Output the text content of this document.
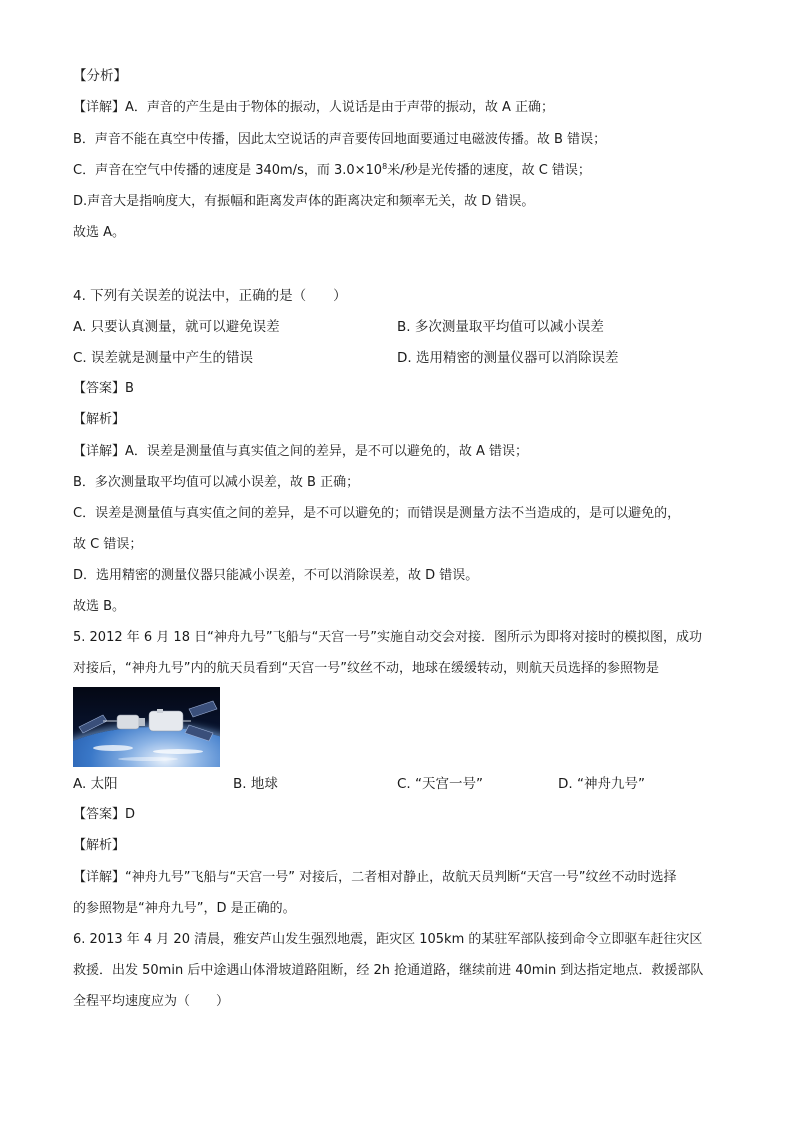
【分析】
【详解】A．声音的产生是由于物体的振动，人说话是由于声带的振动，故 A 正确；
B．声音不能在真空中传播，因此太空说话的声音要传回地面要通过电磁波传播。故 B 错误；
C．声音在空气中传播的速度是 340m/s，而 $3.0\times 10^8$米/秒是光传播的速度，故 C 错误；
D.声音大是指响度大，有振幅和距离发声体的距离决定和频率无关，故 D 错误。
故选 A。
4. 下列有关误差的说法中，正确的是（　　）
A. 只要认真测量，就可以避免误差	B. 多次测量取平均值可以减小误差
C. 误差就是测量中产生的错误	D. 选用精密的测量仪器可以消除误差
【答案】B
【解析】
【详解】A．误差是测量值与真实值之间的差异，是不可以避免的，故 A 错误；
B．多次测量取平均值可以减小误差，故 B 正确；
C．误差是测量值与真实值之间的差异，是不可以避免的；而错误是测量方法不当造成的，是可以避免的，
故 C 错误；
D．选用精密的测量仪器只能减小误差，不可以消除误差，故 D 错误。
故选 B。
5. 2012 年 6 月 18 日“神舟九号”飞船与“天宫一号”实施自动交会对接．图所示为即将对接时的模拟图，成功
对接后，“神舟九号”内的航天员看到“天宫一号”纹丝不动，地球在缓缓转动，则航天员选择的参照物是
A. 太阳	B. 地球	C. “天宫一号”	D. “神舟九号”
【答案】D
【解析】
【详解】“神舟九号”飞船与“天宫一号” 对接后，二者相对静止，故航天员判断“天宫一号”纹丝不动时选择
的参照物是“神舟九号”，D 是正确的。
6. 2013 年 4 月 20 清晨，雅安芦山发生强烈地震，距灾区 105km 的某驻军部队接到命令立即驱车赶往灾区
救援．出发 50min 后中途遇山体滑坡道路阻断，经 2h 抢通道路，继续前进 40min 到达指定地点．救援部队
全程平均速度应为（　　）
